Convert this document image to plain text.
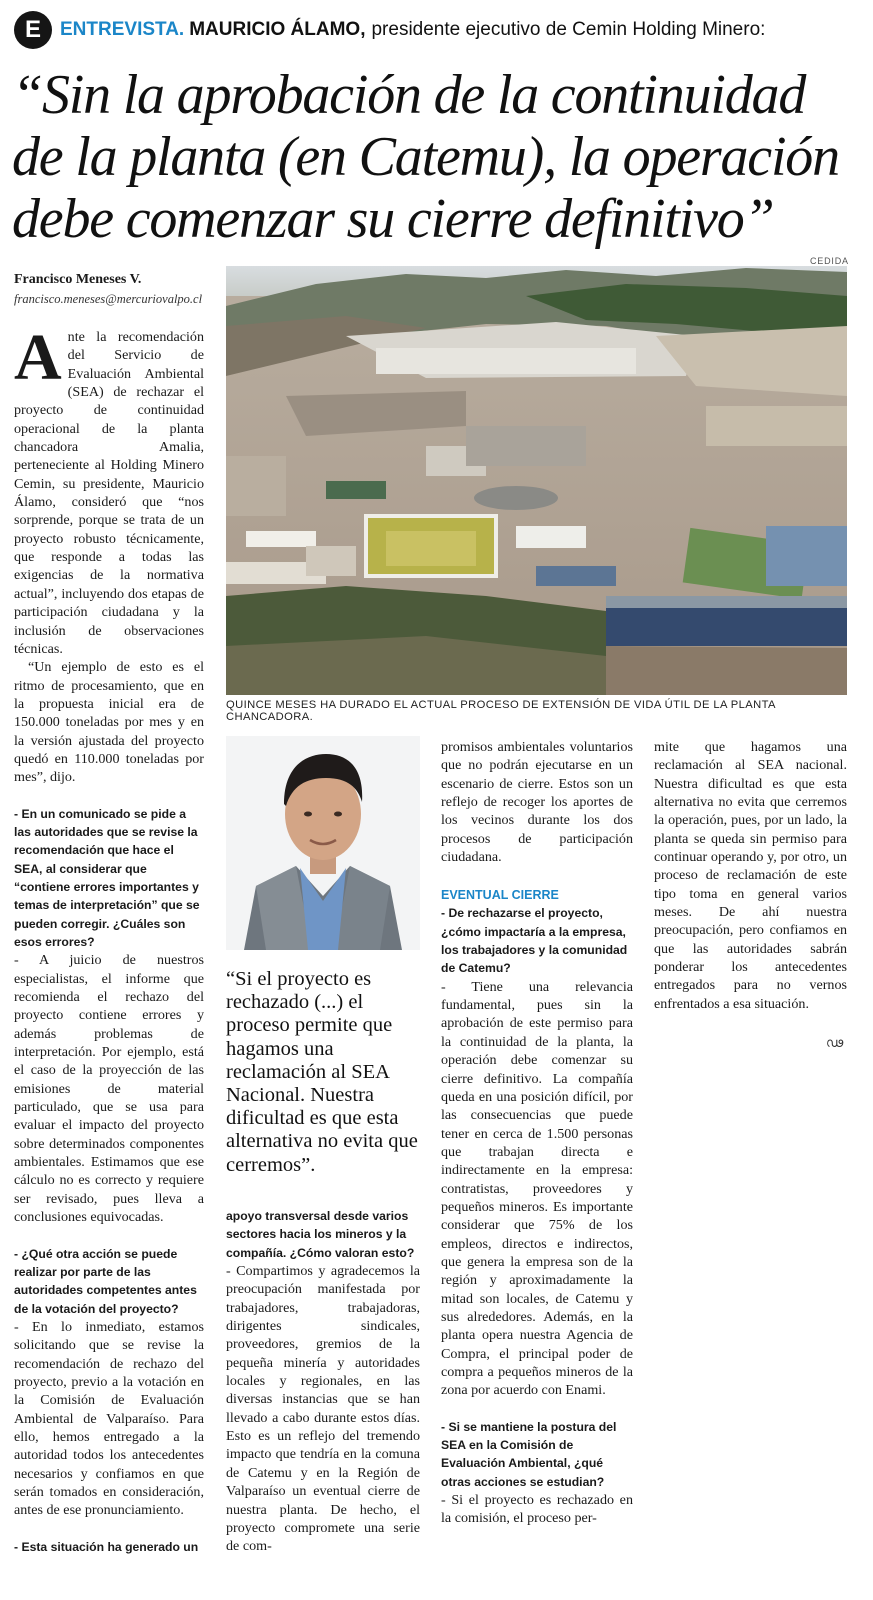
E	ENTREVISTA. MAURICIO ÁLAMO, presidente ejecutivo de Cemin Holding Minero:
“Sin la aprobación de la continuidad de la planta (en Catemu), la operación debe comenzar su cierre definitivo”
Francisco Meneses V.
francisco.meneses@mercuriovalpo.cl
CEDIDA
QUINCE MESES HA DURADO EL ACTUAL PROCESO DE EXTENSIÓN DE VIDA ÚTIL DE LA PLANTA CHANCADORA.
A nte la recomendación del Servicio de Evaluación Ambiental (SEA) de rechazar el proyecto de continuidad operacional de la planta chancadora Amalia, perteneciente al Holding Minero Cemin, su presidente, Mauricio Álamo, consideró que “nos sorprende, porque se trata de un proyecto robusto técnicamente, que responde a todas las exigencias de la normativa actual”, incluyendo dos etapas de participación ciudadana y la inclusión de observaciones técnicas.

“Un ejemplo de esto es el ritmo de procesamiento, que en la propuesta inicial era de 150.000 toneladas por mes y en la versión ajustada del proyecto quedó en 110.000 toneladas por mes”, dijo.

- En un comunicado se pide a las autoridades que se revise la recomendación que hace el SEA, al considerar que “contiene errores importantes y temas de interpretación” que se pueden corregir. ¿Cuáles son esos errores?

- A juicio de nuestros especialistas, el informe que recomienda el rechazo del proyecto contiene errores y además problemas de interpretación. Por ejemplo, está el caso de la proyección de las emisiones de material particulado, que se usa para evaluar el impacto del proyecto sobre determinados componentes ambientales. Estimamos que ese cálculo no es correcto y requiere ser revisado, pues lleva a conclusiones equivocadas.

- ¿Qué otra acción se puede realizar por parte de las autoridades competentes antes de la votación del proyecto?

- En lo inmediato, estamos solicitando que se revise la recomendación de rechazo del proyecto, previo a la votación en la Comisión de Evaluación Ambiental de Valparaíso. Para ello, hemos entregado a la autoridad todos los antecedentes necesarios y confiamos en que serán tomados en consideración, antes de ese pronunciamiento.

- Esta situación ha generado un

“Si el proyecto es rechazado (...) el proceso permite que hagamos una reclamación al SEA Nacional. Nuestra dificultad es que esta alternativa no evita que cerremos”.

apoyo transversal desde varios sectores hacia los mineros y la compañía. ¿Cómo valoran esto?

- Compartimos y agradecemos la preocupación manifestada por trabajadores, trabajadoras, dirigentes sindicales, proveedores, gremios de la pequeña minería y autoridades locales y regionales, en las diversas instancias que se han llevado a cabo durante estos días. Esto es un reflejo del tremendo impacto que tendría en la comuna de Catemu y en la Región de Valparaíso un eventual cierre de nuestra planta. De hecho, el proyecto compromete una serie de com-

promisos ambientales voluntarios que no podrán ejecutarse en un escenario de cierre. Estos son un reflejo de recoger los aportes de los vecinos durante los dos procesos de participación ciudadana.

EVENTUAL CIERRE

- De rechazarse el proyecto, ¿cómo impactaría a la empresa, los trabajadores y la comunidad de Catemu?

- Tiene una relevancia fundamental, pues sin la aprobación de este permiso para la continuidad de la planta, la operación debe comenzar su cierre definitivo. La compañía queda en una posición difícil, por las consecuencias que puede tener en cerca de 1.500 personas que trabajan directa e indirectamente en la empresa: contratistas, proveedores y pequeños mineros. Es importante considerar que 75% de los empleos, directos e indirectos, que genera la empresa son de la región y aproximadamente la mitad son locales, de Catemu y sus alrededores. Además, en la planta opera nuestra Agencia de Compra, el principal poder de compra a pequeños mineros de la zona por acuerdo con Enami.

- Si se mantiene la postura del SEA en la Comisión de Evaluación Ambiental, ¿qué otras acciones se estudian?

- Si el proyecto es rechazado en la comisión, el proceso per-

mite que hagamos una reclamación al SEA nacional. Nuestra dificultad es que esta alternativa no evita que cerremos la operación, pues, por un lado, la planta se queda sin permiso para continuar operando y, por otro, un proceso de reclamación de este tipo toma en general varios meses. De ahí nuestra preocupación, pero confiamos en que las autoridades sabrán ponderar los antecedentes entregados para no vernos enfrentados a esa situación.

ഢ
